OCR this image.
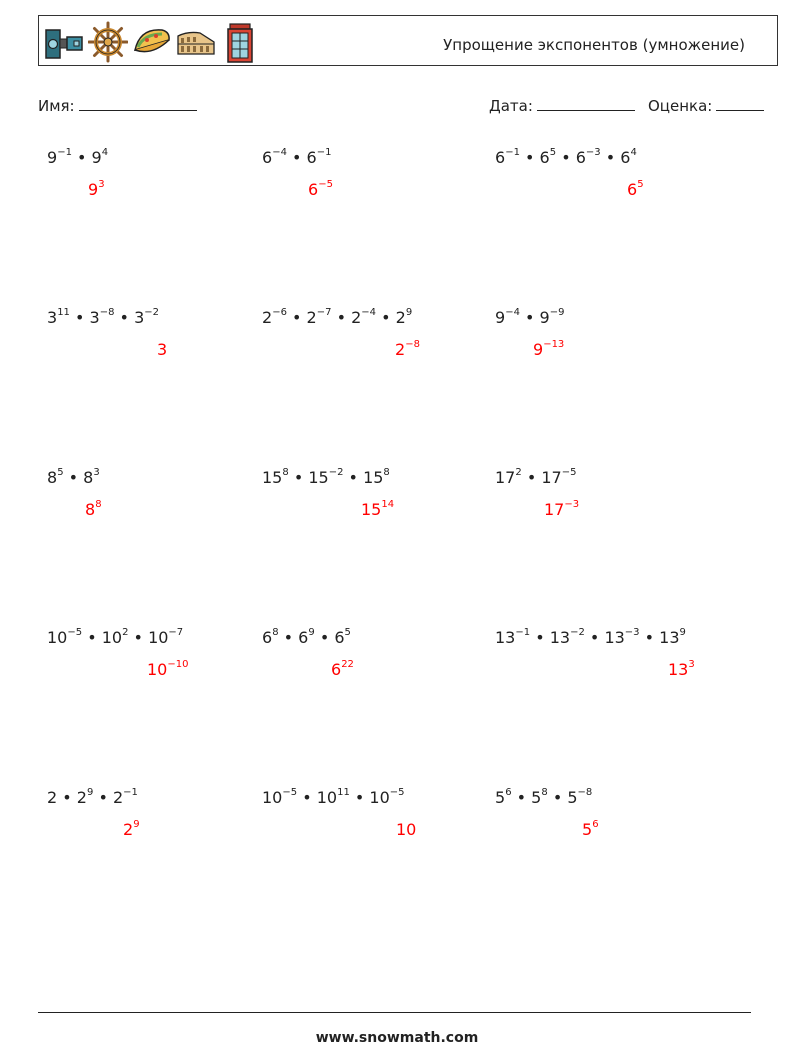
Упрощение экспонентов (умножение)
Имя:	Дата:	Оценка:
$9^{-1}$ • $9^4$
$9^3$
$6^{-4}$ • $6^{-1}$
$6^{-5}$
$6^{-1}$ • $6^5$ • $6^{-3}$ • $6^4$
$6^5$
$3^{11}$ • $3^{-8}$ • $3^{-2}$
3
$2^{-6}$ • $2^{-7}$ • $2^{-4}$ • $2^9$
$2^{-8}$
$9^{-4}$ • $9^{-9}$
$9^{-13}$
$8^5$ • $8^3$
$8^8$
$15^8$ • $15^{-2}$ • $15^8$
$15^{14}$
$17^2$ • $17^{-5}$
$17^{-3}$
$10^{-5}$ • $10^2$ • $10^{-7}$
$10^{-10}$
$6^8$ • $6^9$ • $6^5$
$6^{22}$
$13^{-1}$ • $13^{-2}$ • $13^{-3}$ • $13^9$
$13^3$
2 • $2^9$ • $2^{-1}$
$2^9$
$10^{-5}$ • $10^{11}$ • $10^{-5}$
10
$5^6$ • $5^8$ • $5^{-8}$
$5^6$
www.snowmath.com
